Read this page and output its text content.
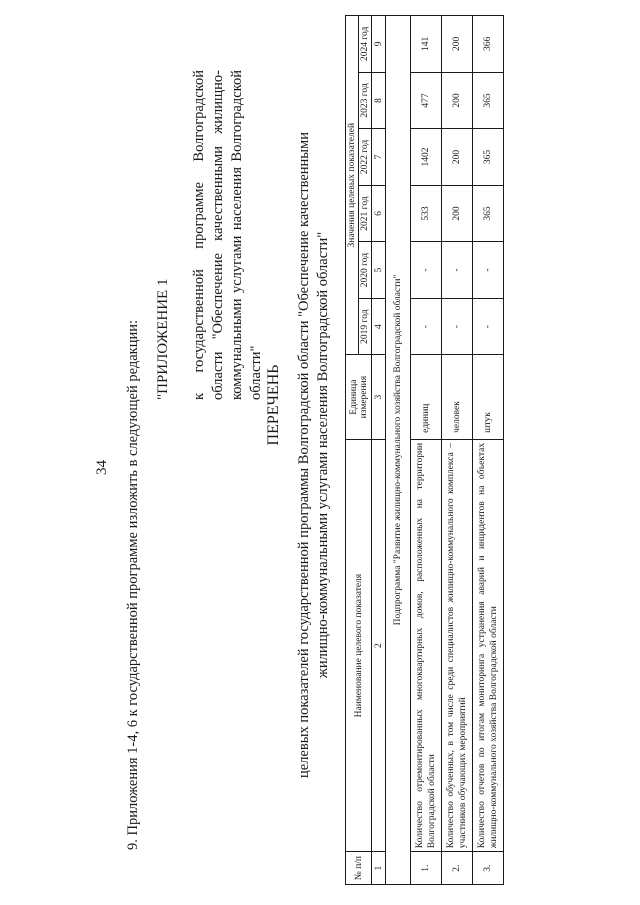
34 9. Приложения 1-4, 6 к государственной программе изложить в следующей редакции: "ПРИЛОЖЕНИЕ 1 к государственной программе Волгоградской области "Обеспечение качественными жилищно-коммунальными услугами населения Волгоградской области" ПЕРЕЧЕНЬ целевых показателей государственной программы Волгоградской области "Обеспечение качественными жилищно-коммунальными услугами населения Волгоградской области"
№ п/п	Наименование целевого показателя	Единица измерения	Значения целевых показателей					
			2019 год	2020 год	2021 год	2022 год	2023 год	2024 год
1	2	3	4	5	6	7	8	9
Подпрограмма "Развитие жилищно-коммунального хозяйства Волгоградской области"								
1.	Количество отремонтированных многоквартирных домов, расположенных на территории Волгоградской области	единиц	-	-	533	1402	477	141
2.	Количество обученных, в том числе среди специалистов жилищно-коммунального комплекса – участников обучающих мероприятий	человек	-	-	200	200	200	200
3.	Количество отчетов по итогам мониторинга устранения аварий и инцидентов на объектах жилищно-коммунального хозяйства Волгоградской области	штук	-	-	365	365	365	366
